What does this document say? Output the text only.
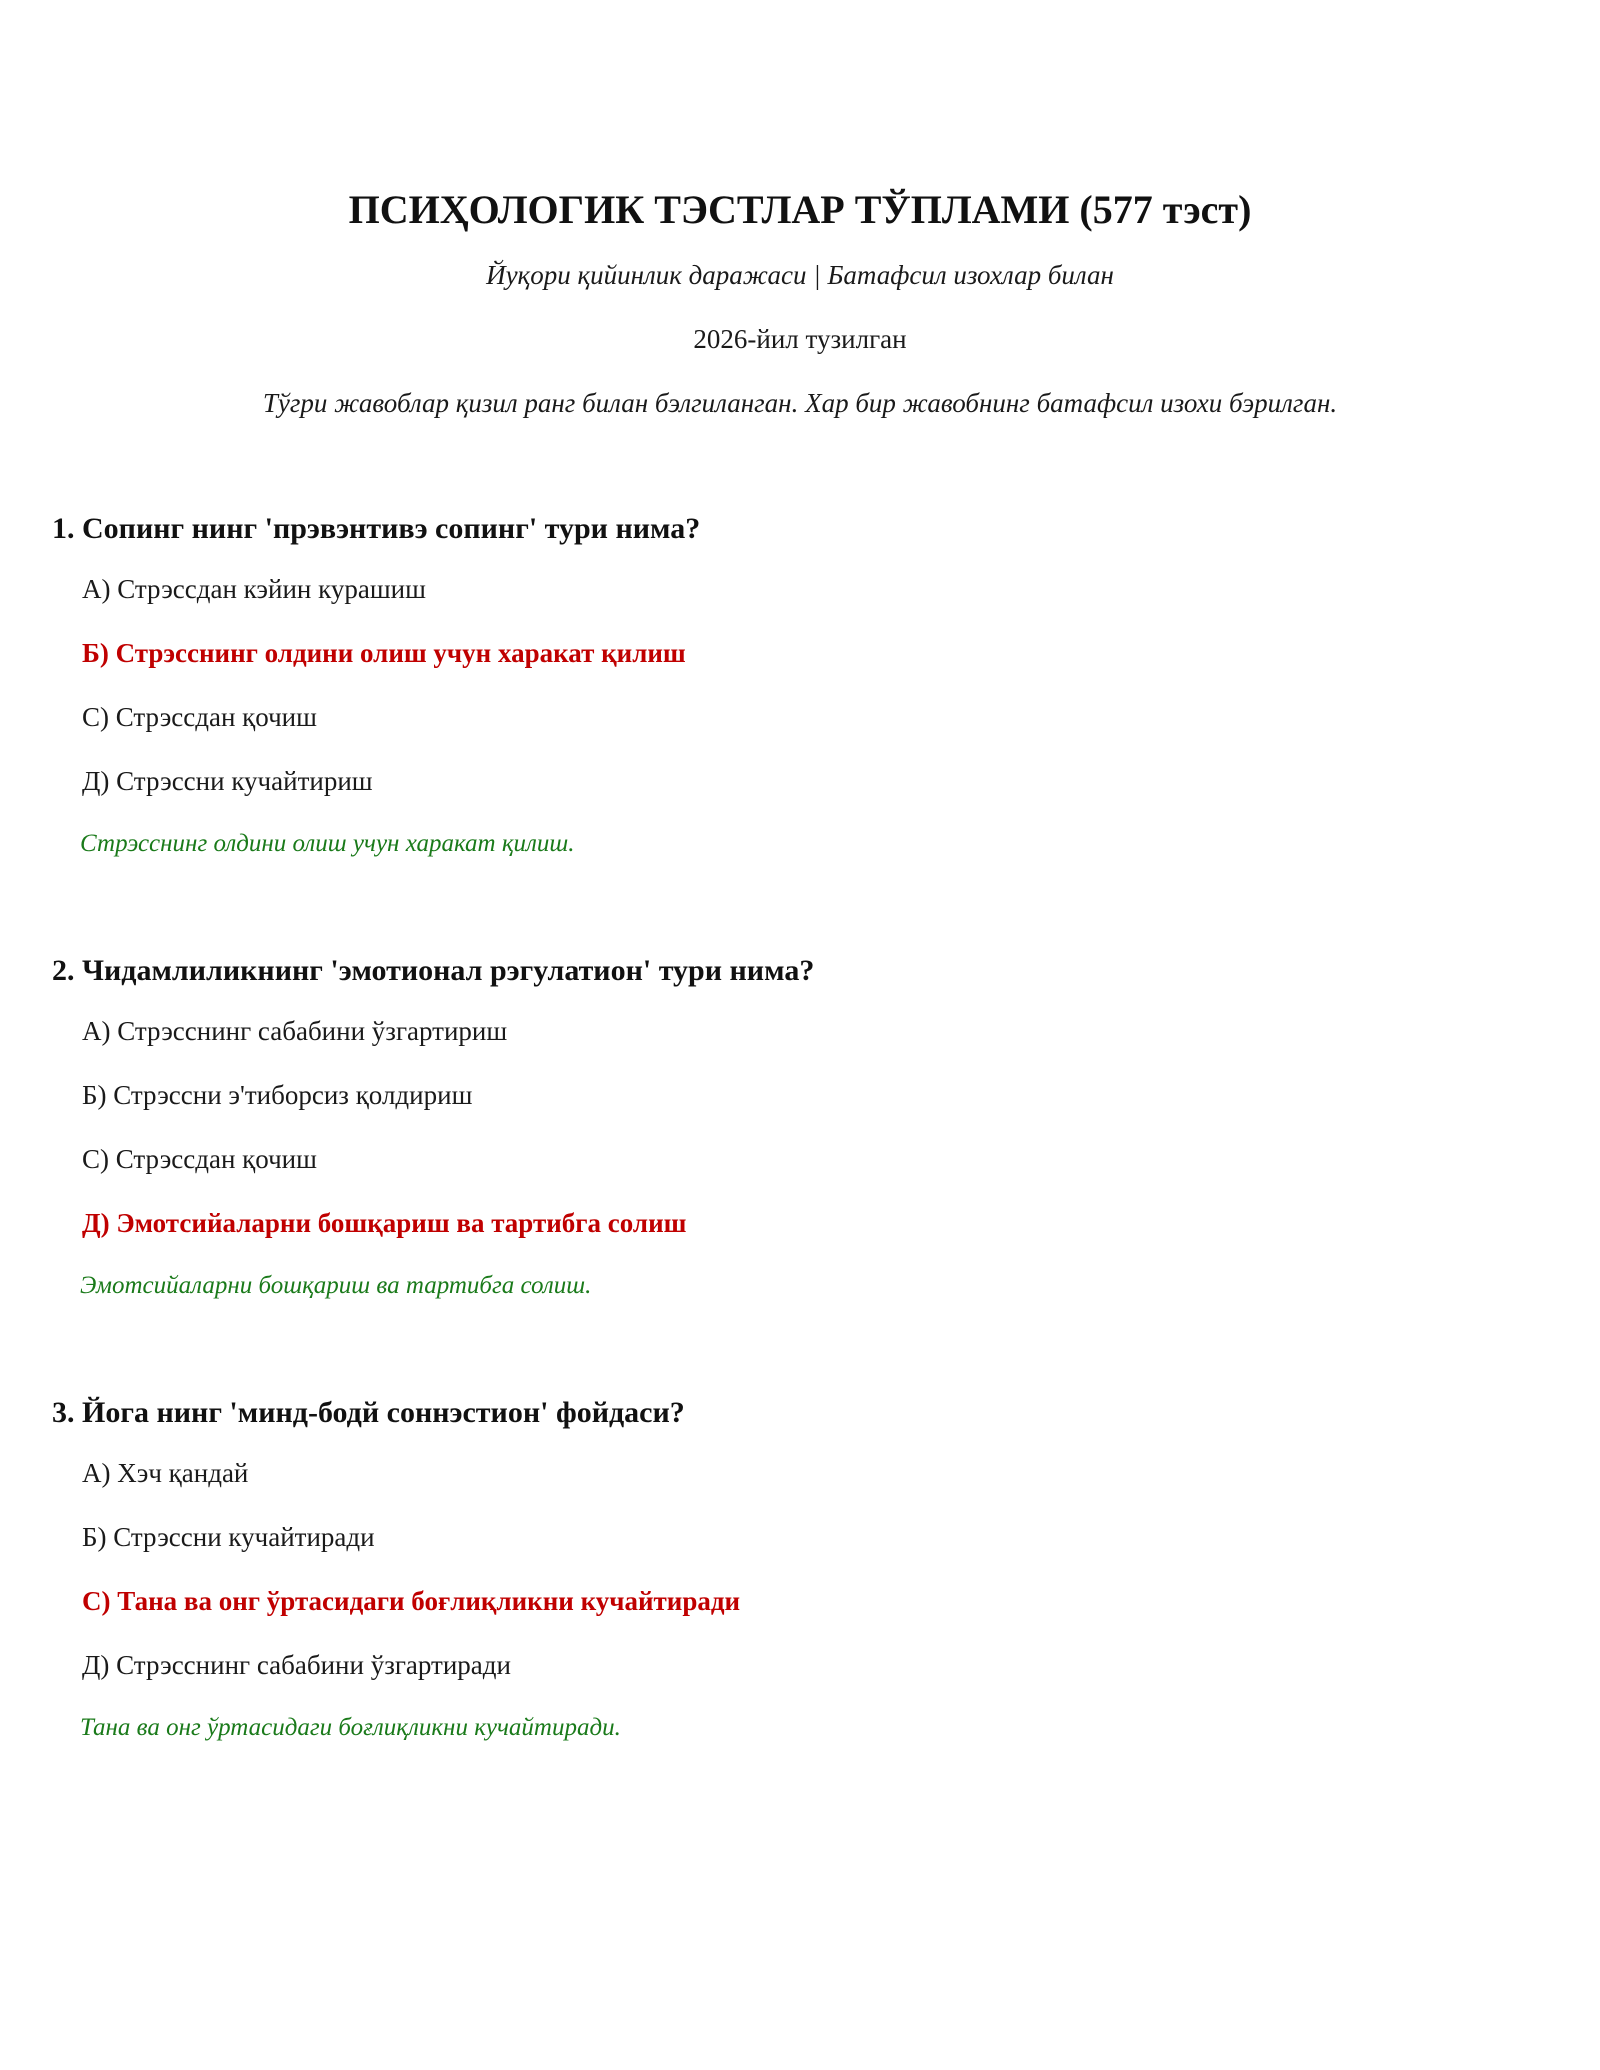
ПСИҲОЛОГИК ТЭСТЛАР ТЎПЛАМИ (577 тэст)

Йуқори қийинлик даражаси | Батафсил изохлар билан

2026-йил тузилган

Тўгри жавоблар қизил ранг билан бэлгиланган. Хар бир жавобнинг батафсил изохи бэрилган.

1. Сопинг нинг 'прэвэнтивэ сопинг' тури нима?

А) Стрэссдан кэйин курашиш

Б) Стрэсснинг олдини олиш учун харакат қилиш

С) Стрэссдан қочиш

Д) Стрэссни кучайтириш

Стрэсснинг олдини олиш учун харакат қилиш.

2. Чидамлиликнинг 'эмотионал рэгулатион' тури нима?

А) Стрэсснинг сабабини ўзгартириш

Б) Стрэссни э'тиборсиз қолдириш

С) Стрэссдан қочиш

Д) Эмотсийаларни бошқариш ва тартибга солиш

Эмотсийаларни бошқариш ва тартибга солиш.

3. Йога нинг 'минд-бодй соннэстион' фойдаси?

А) Хэч қандай

Б) Стрэссни кучайтиради

С) Тана ва онг ўртасидаги боғлиқликни кучайтиради

Д) Стрэсснинг сабабини ўзгартиради

Тана ва онг ўртасидаги боғлиқликни кучайтиради.
